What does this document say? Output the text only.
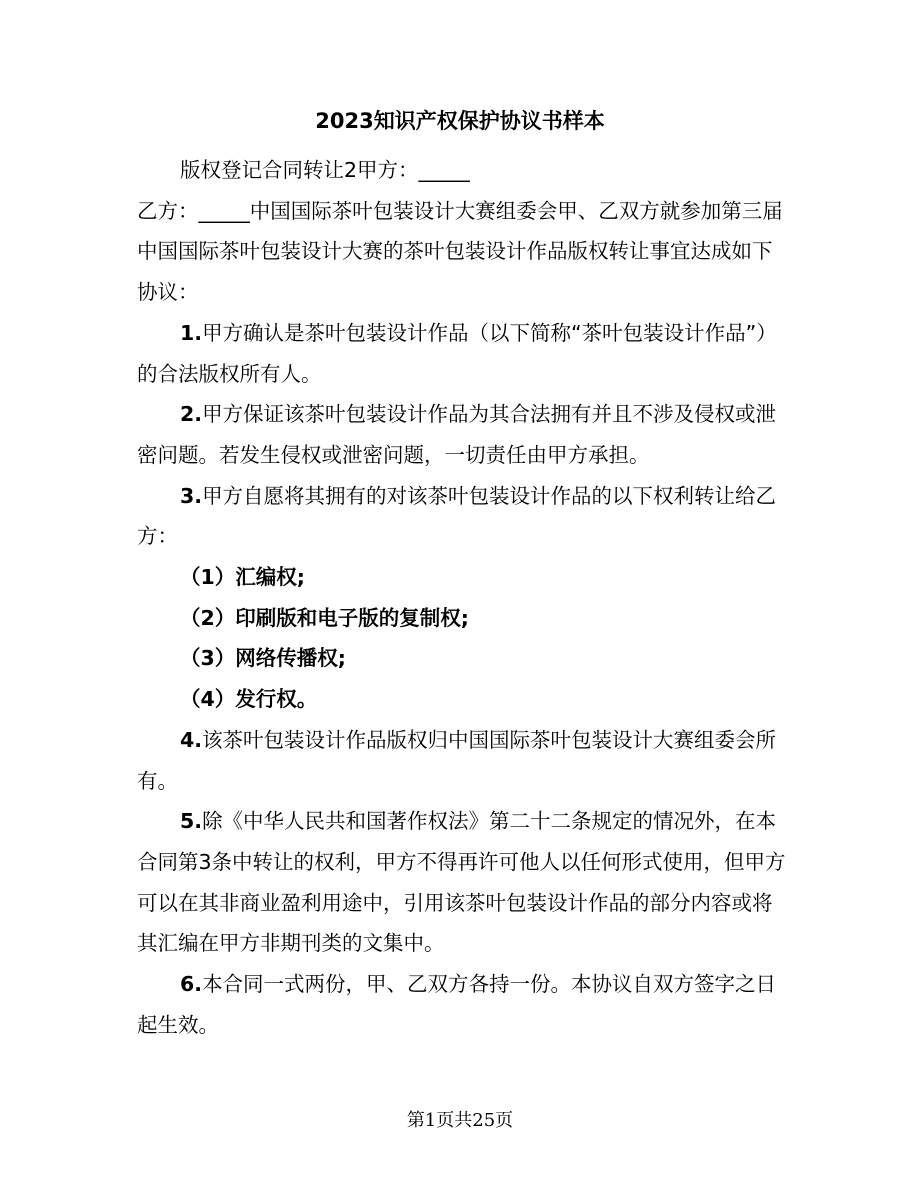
2023知识产权保护协议书样本

版权登记合同转让2甲方：_____

乙方：_____中国国际茶叶包装设计大赛组委会甲、乙双方就参加第三届中国国际茶叶包装设计大赛的茶叶包装设计作品版权转让事宜达成如下协议：

1.甲方确认是茶叶包装设计作品（以下简称“茶叶包装设计作品”）的合法版权所有人。

2.甲方保证该茶叶包装设计作品为其合法拥有并且不涉及侵权或泄密问题。若发生侵权或泄密问题，一切责任由甲方承担。

3.甲方自愿将其拥有的对该茶叶包装设计作品的以下权利转让给乙方：

（1）汇编权;

（2）印刷版和电子版的复制权;

（3）网络传播权;

（4）发行权。

4.该茶叶包装设计作品版权归中国国际茶叶包装设计大赛组委会所有。

5.除《中华人民共和国著作权法》第二十二条规定的情况外，在本合同第3条中转让的权利，甲方不得再许可他人以任何形式使用，但甲方可以在其非商业盈利用途中，引用该茶叶包装设计作品的部分内容或将其汇编在甲方非期刊类的文集中。

6.本合同一式两份，甲、乙双方各持一份。本协议自双方签字之日起生效。

第1页共25页
